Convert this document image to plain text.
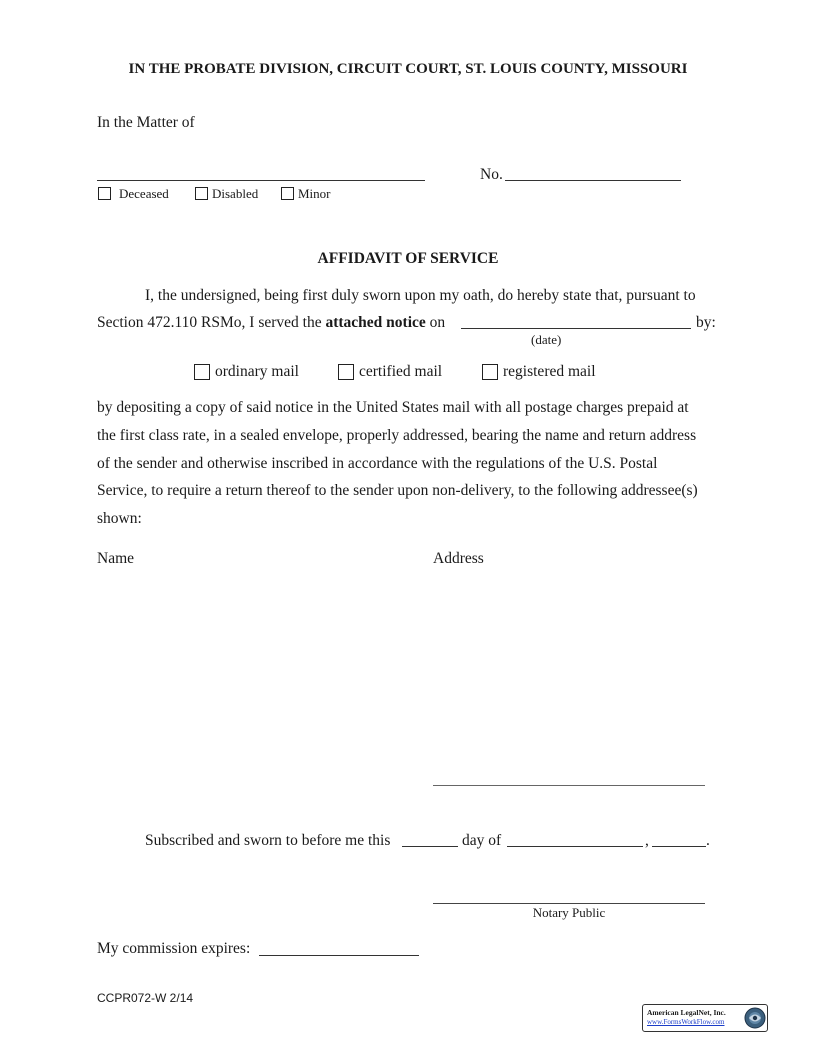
IN THE PROBATE DIVISION, CIRCUIT COURT, ST. LOUIS COUNTY, MISSOURI
In the Matter of
No.
Deceased	Disabled	Minor
AFFIDAVIT OF SERVICE
I, the undersigned, being first duly sworn upon my oath, do hereby state that, pursuant to
Section 472.110 RSMo, I served the attached notice on	by:
(date)
ordinary mail	certified mail	registered mail
by depositing a copy of said notice in the United States mail with all postage charges prepaid at
the first class rate, in a sealed envelope, properly addressed, bearing the name and return address
of the sender and otherwise inscribed in accordance with the regulations of the U.S. Postal
Service, to require a return thereof to the sender upon non-delivery, to the following addressee(s)
shown:
Name	Address
Subscribed and sworn to before me this	day of	,	.
Notary Public
My commission expires:
CCPR072-W 2/14
American LegalNet, Inc.
www.FormsWorkFlow.com
